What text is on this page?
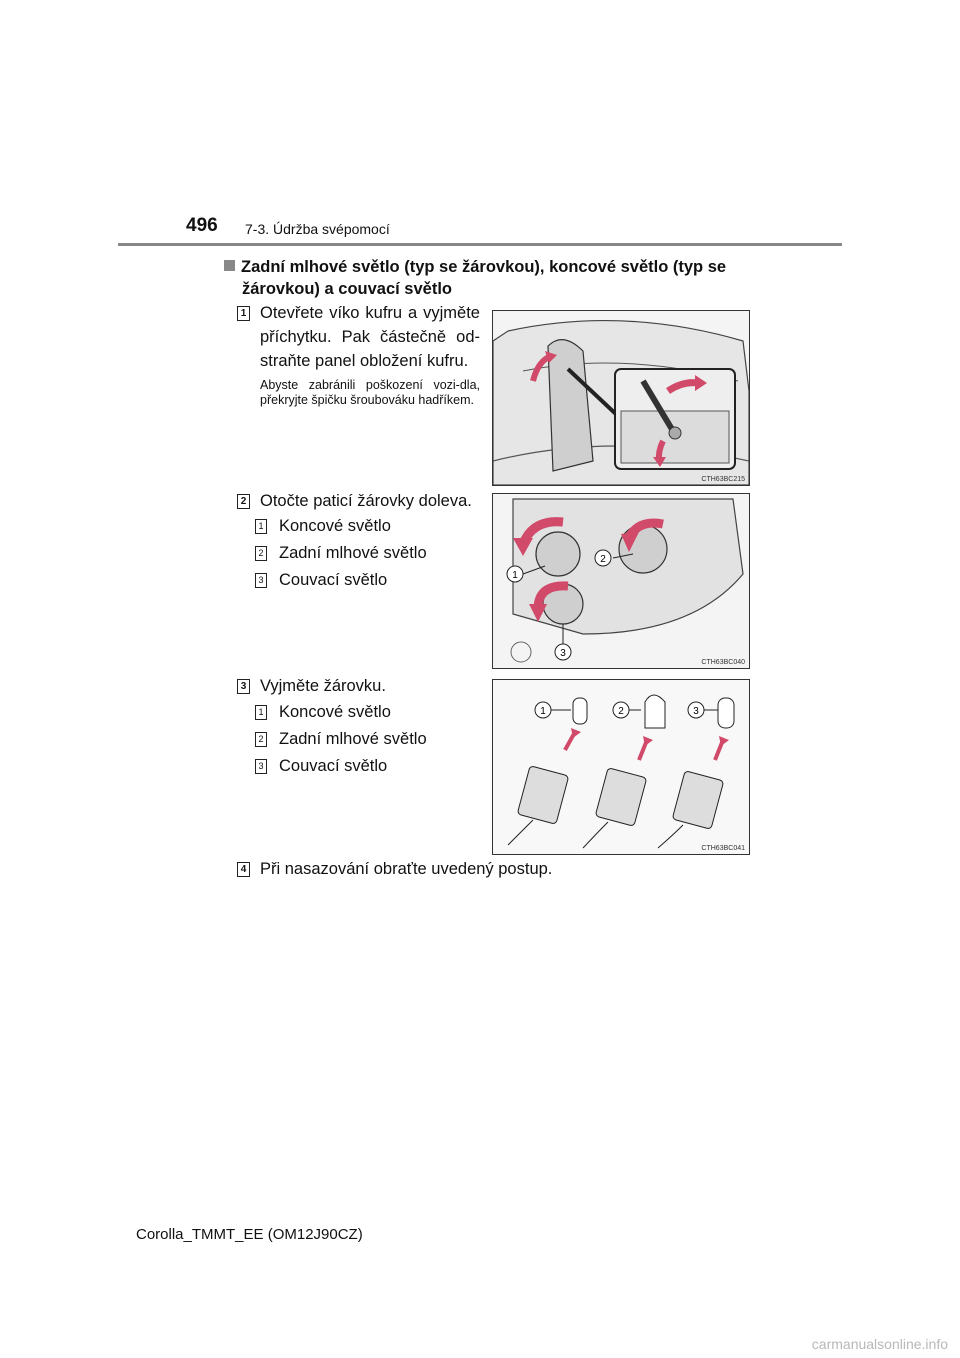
496 7-3. Údržba svépomocí
Zadní mlhové světlo (typ se žárovkou), koncové světlo (typ se žárovkou) a couvací světlo
1 Otevřete víko kufru a vyjměte příchytku. Pak částečně od-straňte panel obložení kufru.
Abyste zabránili poškození vozi-dla, překryjte špičku šroubováku hadříkem.
CTH63BC215
2 Otočte paticí žárovky doleva.
1 Koncové světlo
2 Zadní mlhové světlo
3 Couvací světlo	1
2
3
CTH63BC040
3 Vyjměte žárovku.
1 Koncové světlo
2 Zadní mlhové světlo
3 Couvací světlo
1	2	3
CTH63BC041
4 Při nasazování obraťte uvedený postup.
Corolla_TMMT_EE (OM12J90CZ)
carmanualsonline.info
